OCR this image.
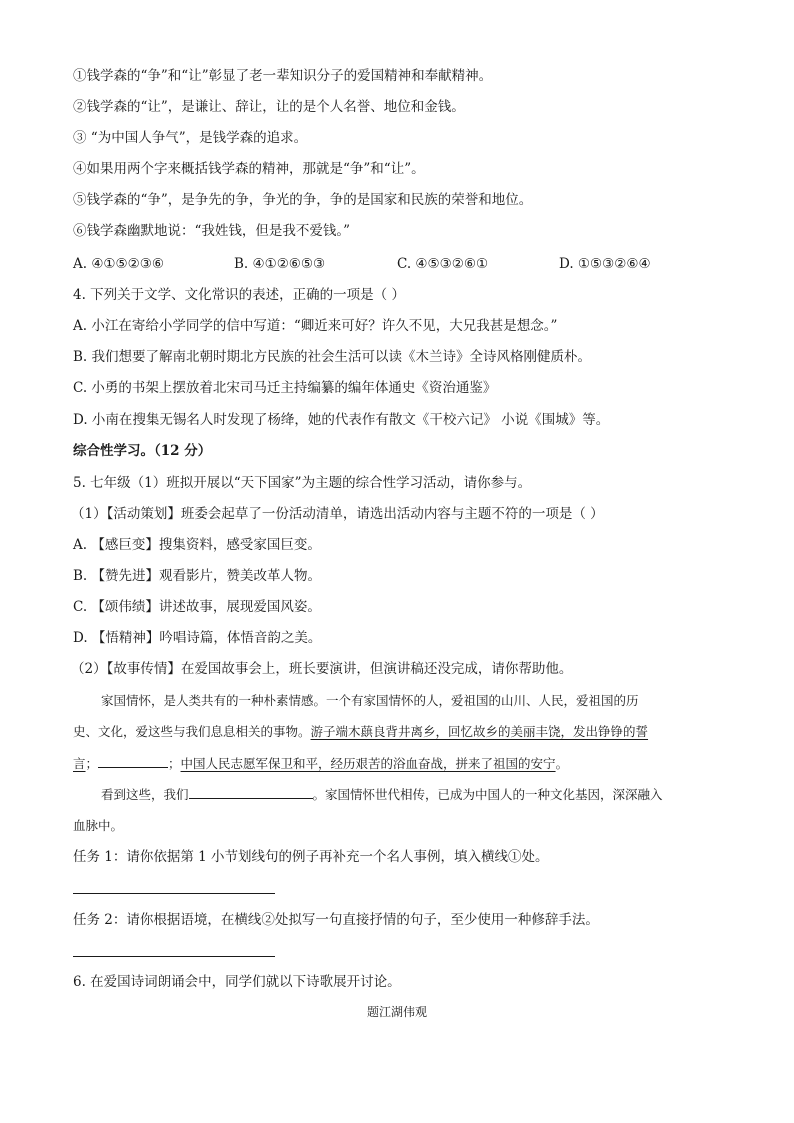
①钱学森的“争”和“让”彰显了老一辈知识分子的爱国精神和奉献精神。
②钱学森的“让”，是谦让、辞让，让的是个人名誉、地位和金钱。
③ “为中国人争气”，是钱学森的追求。
④如果用两个字来概括钱学森的精神，那就是“争”和“让”。
⑤钱学森的“争”，是争先的争，争光的争，争的是国家和民族的荣誉和地位。
⑥钱学森幽默地说：“我姓钱，但是我不爱钱。”
A. ④①⑤②③⑥	B. ④①②⑥⑤③	C. ④⑤③②⑥①	D. ①⑤③②⑥④
4. 下列关于文学、文化常识的表述，正确的一项是（ ）
A. 小江在寄给小学同学的信中写道：“卿近来可好？许久不见，大兄我甚是想念。”
B. 我们想要了解南北朝时期北方民族的社会生活可以读《木兰诗》全诗风格刚健质朴。
C. 小勇的书架上摆放着北宋司马迁主持编纂的编年体通史《资治通鉴》
D. 小南在搜集无锡名人时发现了杨绛，她的代表作有散文《干校六记》 小说《围城》等。
综合性学习。（12 分）
5. 七年级（1）班拟开展以“天下国家”为主题的综合性学习活动，请你参与。
（1）【活动策划】班委会起草了一份活动清单，请选出活动内容与主题不符的一项是（ ）
A. 【感巨变】搜集资料，感受家国巨变。
B. 【赞先进】观看影片，赞美改革人物。
C. 【颂伟绩】讲述故事，展现爱国风姿。
D. 【悟精神】吟唱诗篇，体悟音韵之美。
（2）【故事传情】在爱国故事会上，班长要演讲，但演讲稿还没完成，请你帮助他。
家国情怀，是人类共有的一种朴素情感。一个有家国情怀的人，爱祖国的山川、人民，爱祖国的历
史、文化，爱这些与我们息息相关的事物。游子端木蕻良背井离乡，回忆故乡的美丽丰饶，发出铮铮的誓
言；	；中国人民志愿军保卫和平，经历艰苦的浴血奋战，拼来了祖国的安宁。
看到这些，我们	。家国情怀世代相传，已成为中国人的一种文化基因，深深融入
血脉中。
任务 1：请你依据第 1 小节划线句的例子再补充一个名人事例，填入横线①处。
任务 2：请你根据语境，在横线②处拟写一句直接抒情的句子，至少使用一种修辞手法。
6. 在爱国诗词朗诵会中，同学们就以下诗歌展开讨论。
题江湖伟观
